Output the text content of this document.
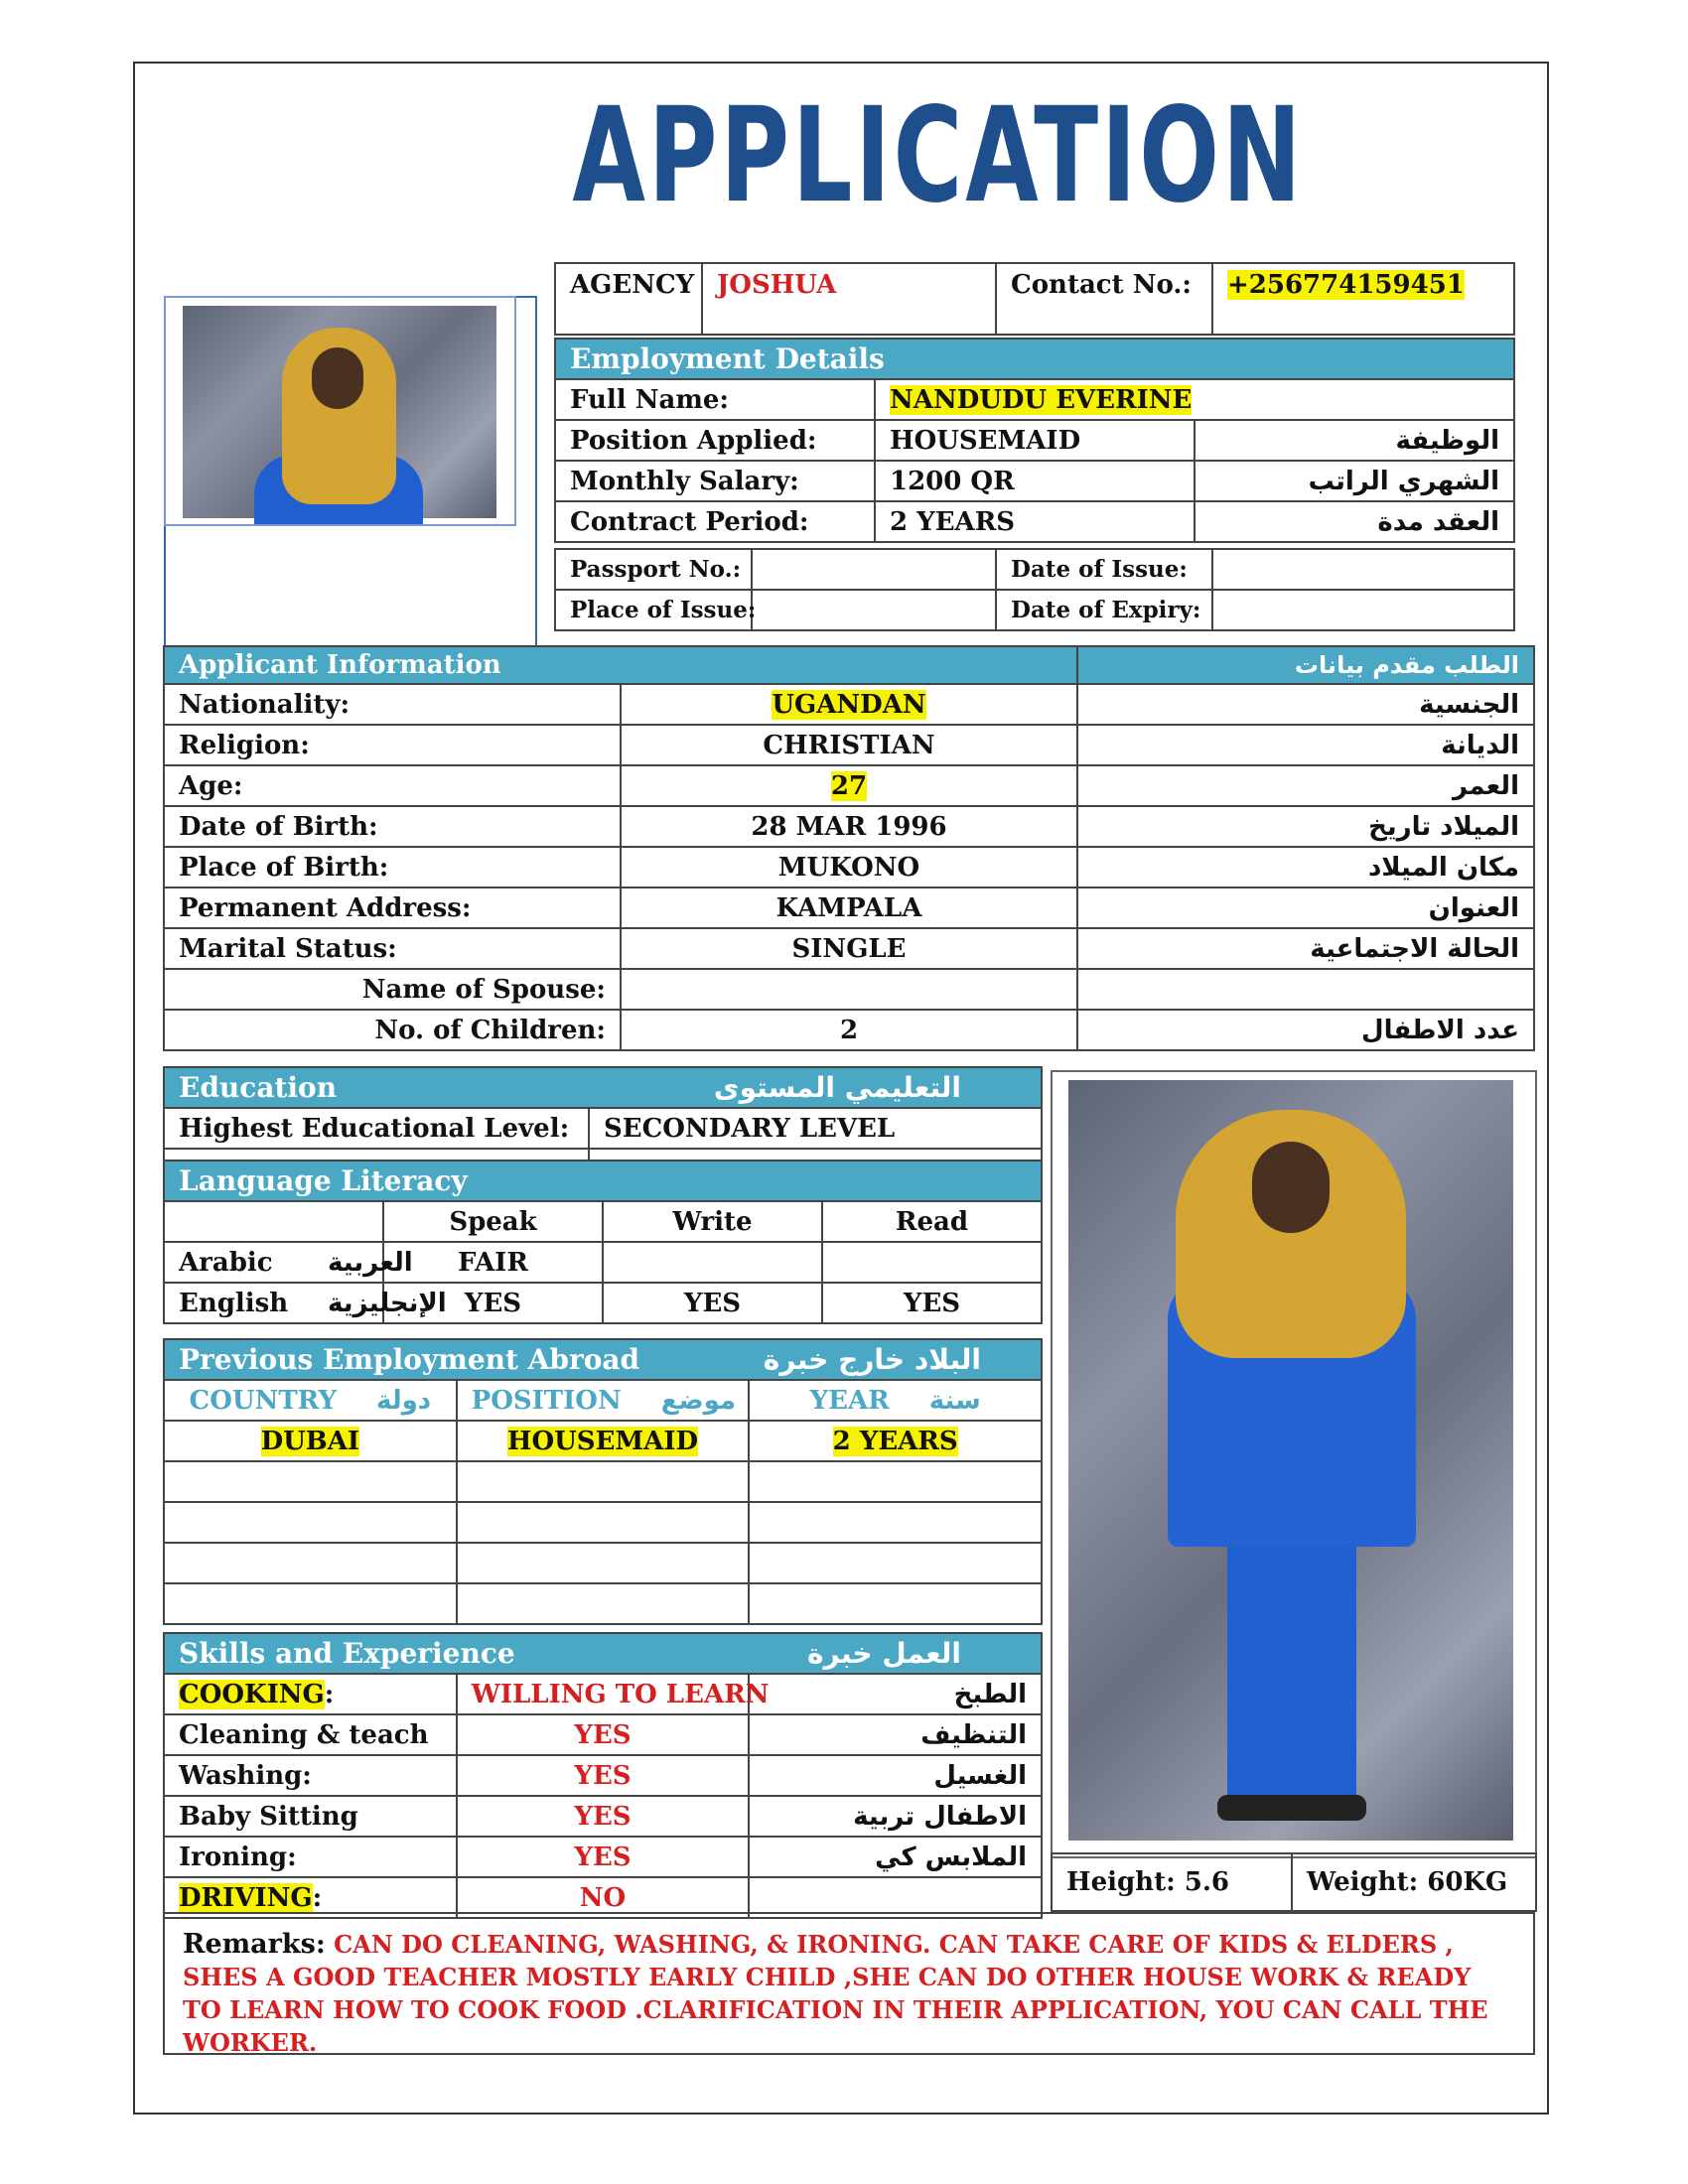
APPLICATION
AGENCY	JOSHUA	Contact No.:	+256774159451
Employment Details		
Full Name:	NANDUDU EVERINE	
Position Applied:	HOUSEMAID	الوظيفة
Monthly Salary:	1200 QR	الشهري الراتب
Contract Period:	2 YEARS	العقد مدة
Passport No.:		Date of Issue:	
Place of Issue:		Date of Expiry:	
Applicant Information		الطلب مقدم بيانات
Nationality:	UGANDAN	الجنسية
Religion:	CHRISTIAN	الديانة
Age:	27	العمر
Date of Birth:	28 MAR 1996	الميلاد تاريخ
Place of Birth:	MUKONO	مكان الميلاد
Permanent Address:	KAMPALA	العنوان
Marital Status:	SINGLE	الحالة الاجتماعية
Name of Spouse:		
No. of Children:	2	عدد الاطفال
Education	التعليمي المستوى
Highest Educational Level:	SECONDARY LEVEL

Language Literacy			
	Speak	Write	Read
Arabic العربية	FAIR		
English الإنجليزية	YES	YES	YES
Previous Employment Abroad		البلاد خارج خبرة
COUNTRY دولة	POSITION موضع	YEAR سنة
DUBAI	HOUSEMAID	2 YEARS

Skills and Experience		العمل خبرة
COOKING:	WILLING TO LEARN	الطبخ
Cleaning & teach	YES	التنظيف
Washing:	YES	الغسيل
Baby Sitting	YES	الاطفال تربية
Ironing:	YES	الملابس كي
DRIVING:	NO	
Height: 5.6	Weight: 60KG
Remarks: CAN DO CLEANING, WASHING, & IRONING. CAN TAKE CARE OF KIDS & ELDERS , SHES A GOOD TEACHER MOSTLY EARLY CHILD ,SHE CAN DO OTHER HOUSE WORK & READY TO LEARN HOW TO COOK FOOD .CLARIFICATION IN THEIR APPLICATION, YOU CAN CALL THE WORKER.
